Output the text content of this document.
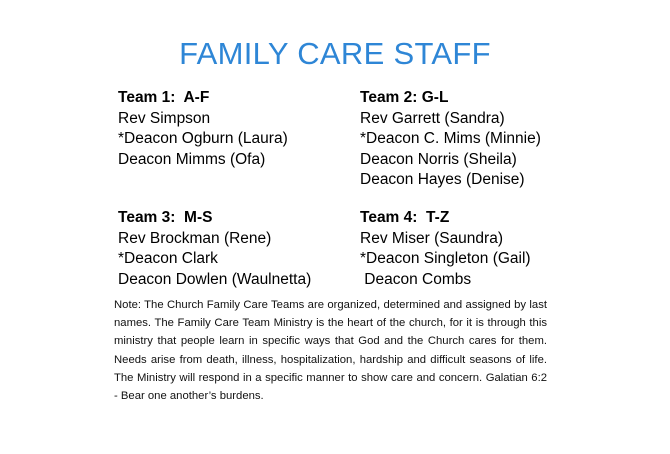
FAMILY CARE STAFF
Team 1:  A-F
Rev Simpson
*Deacon Ogburn (Laura)
Deacon Mimms (Ofa)
Team 2: G-L
Rev Garrett (Sandra)
*Deacon C. Mims (Minnie)
Deacon Norris (Sheila)
Deacon Hayes (Denise)
Team 3:  M-S
Rev Brockman (Rene)
*Deacon Clark
Deacon Dowlen (Waulnetta)
Team 4:  T-Z
Rev Miser (Saundra)
*Deacon Singleton (Gail)
Deacon Combs

Note: The Church Family Care Teams are organized, determined and assigned by last names. The Family Care Team Ministry is the heart of the church, for it is through this ministry that people learn in specific ways that God and the Church cares for them. Needs arise from death, illness, hospitalization, hardship and difficult seasons of life. The Ministry will respond in a specific manner to show care and concern. Galatian 6:2 - Bear one another’s burdens.
